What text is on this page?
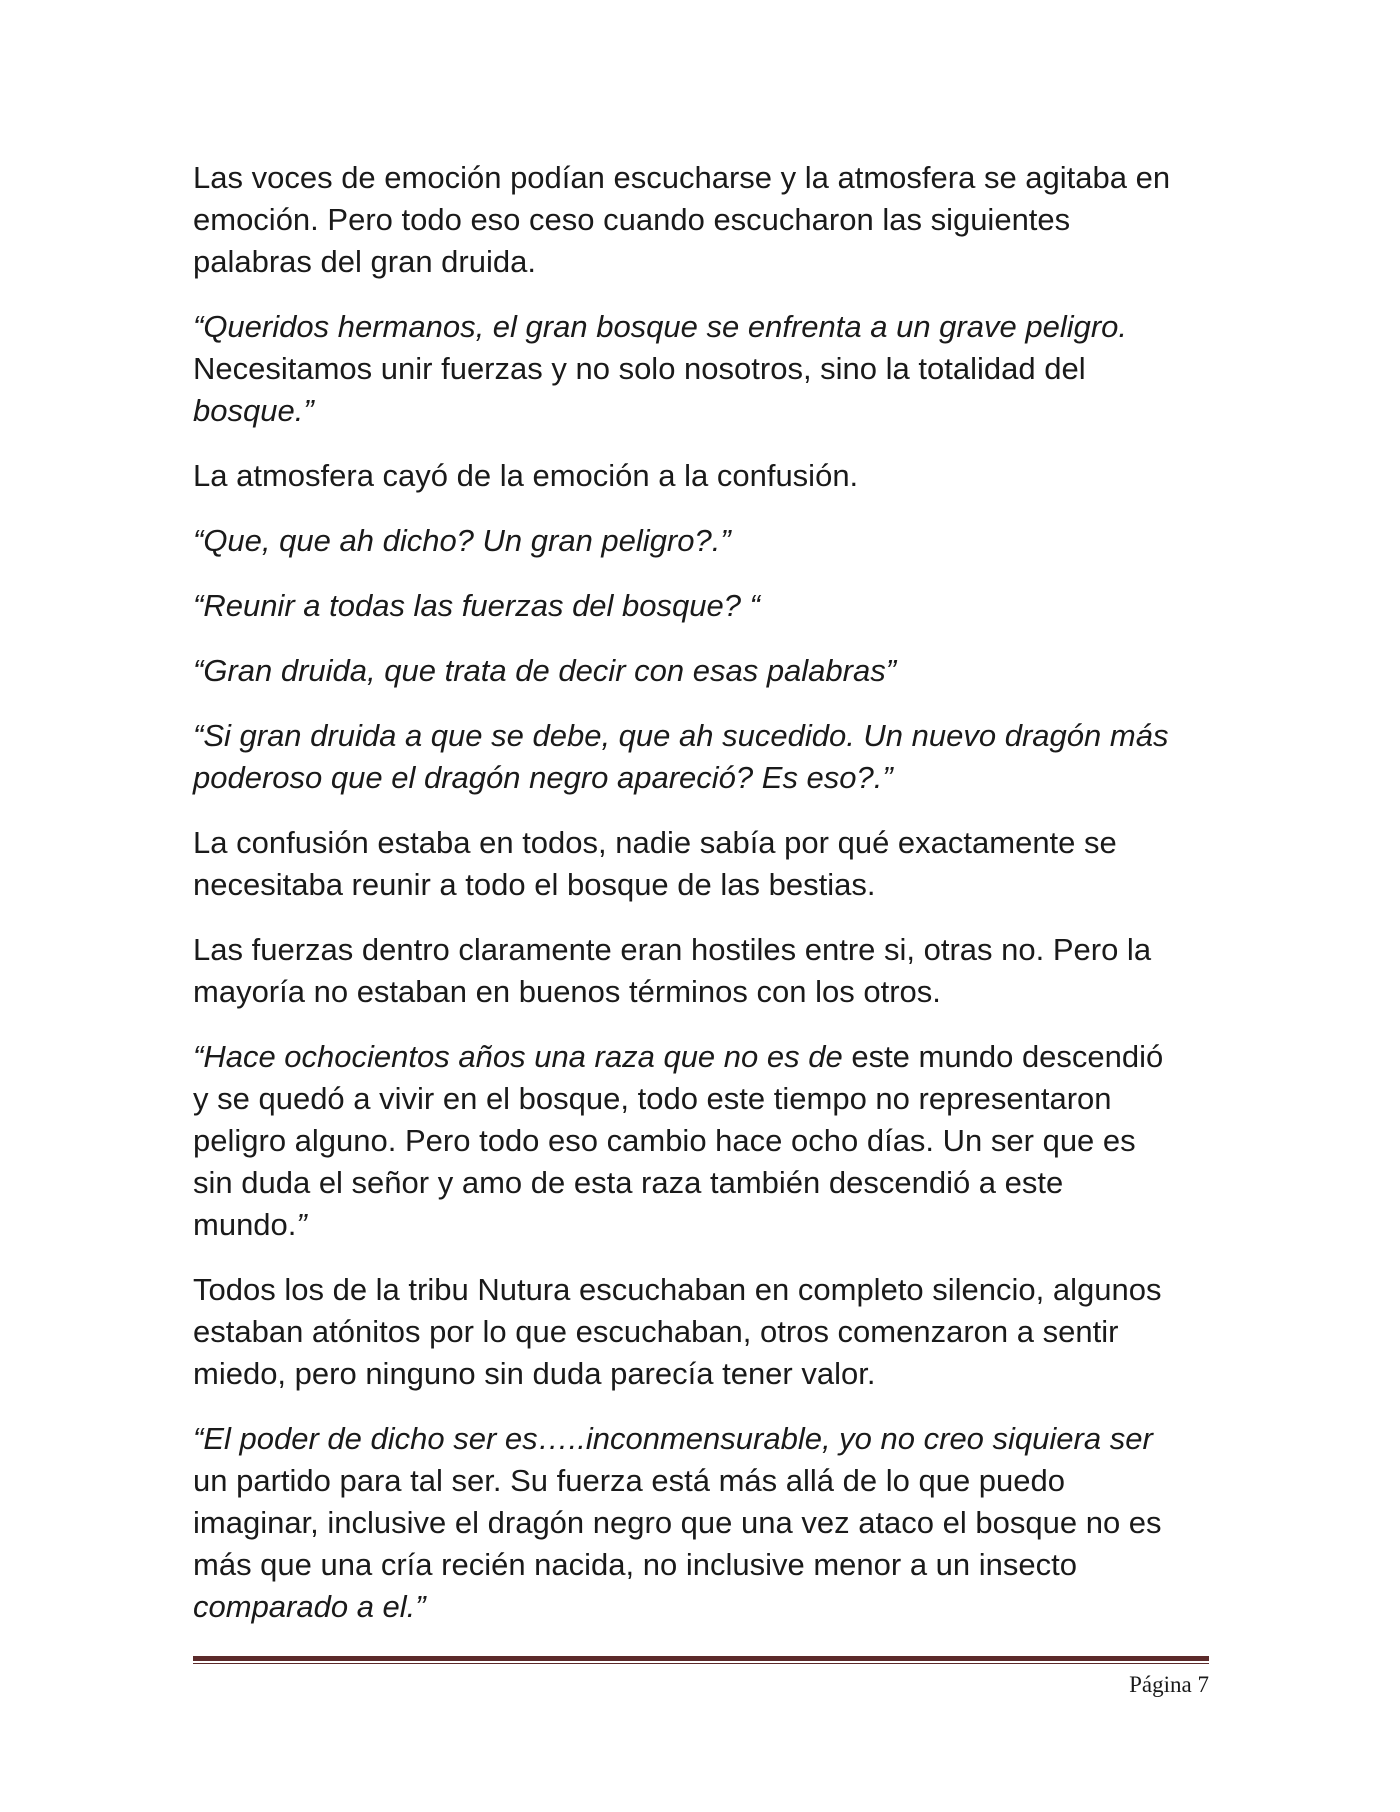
Las voces de emoción podían escucharse y la atmosfera se agitaba en
emoción. Pero todo eso ceso cuando escucharon las siguientes
palabras del gran druida.

“Queridos hermanos, el gran bosque se enfrenta a un grave peligro.
Necesitamos unir fuerzas y no solo nosotros, sino la totalidad del
bosque.”

La atmosfera cayó de la emoción a la confusión.

“Que, que ah dicho? Un gran peligro?.”

“Reunir a todas las fuerzas del bosque? “

“Gran druida, que trata de decir con esas palabras”

“Si gran druida a que se debe, que ah sucedido. Un nuevo dragón más
poderoso que el dragón negro apareció? Es eso?.”

La confusión estaba en todos, nadie sabía por qué exactamente se
necesitaba reunir a todo el bosque de las bestias.

Las fuerzas dentro claramente eran hostiles entre si, otras no. Pero la
mayoría no estaban en buenos términos con los otros.

“Hace ochocientos años una raza que no es de este mundo descendió
y se quedó a vivir en el bosque, todo este tiempo no representaron
peligro alguno. Pero todo eso cambio hace ocho días. Un ser que es
sin duda el señor y amo de esta raza también descendió a este
mundo.”

Todos los de la tribu Nutura escuchaban en completo silencio, algunos
estaban atónitos por lo que escuchaban, otros comenzaron a sentir
miedo, pero ninguno sin duda parecía tener valor.

“El poder de dicho ser es…..inconmensurable, yo no creo siquiera ser
un partido para tal ser. Su fuerza está más allá de lo que puedo
imaginar, inclusive el dragón negro que una vez ataco el bosque no es
más que una cría recién nacida, no inclusive menor a un insecto
comparado a el.”

Página 7
